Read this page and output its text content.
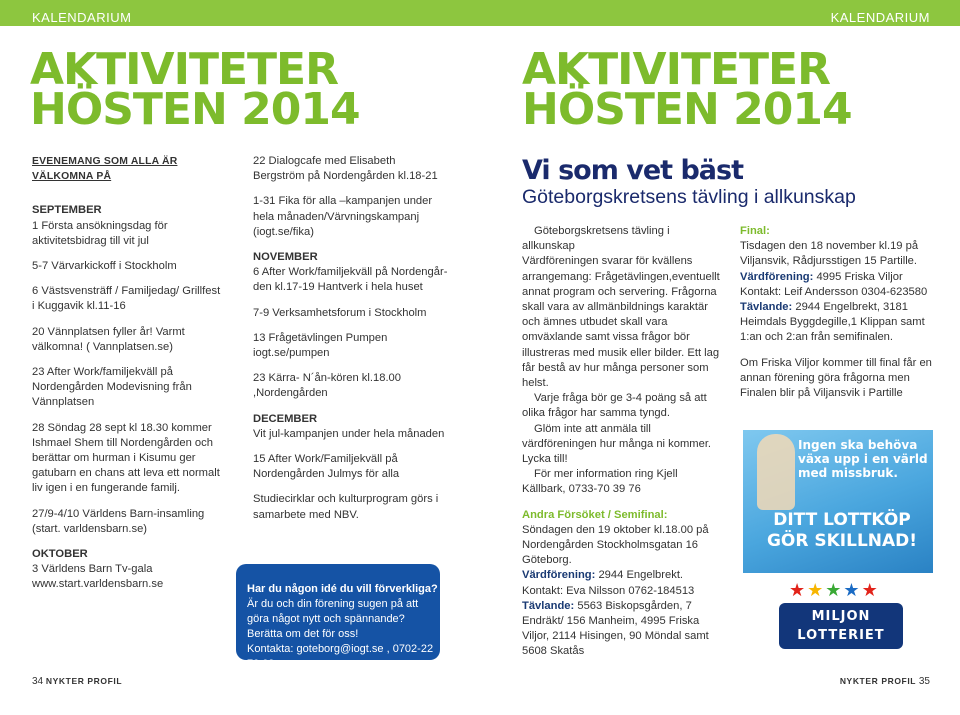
KALENDARIUM
AKTIVITETER
HÖSTEN 2014

EVENEMANG SOM ALLA ÄR VÄLKOMNA PÅ

SEPTEMBER

1 Första ansökningsdag för aktivitetsbidrag till vit jul

5-7 Värvarkickoff i Stockholm

6 Västsvensträff / Familjedag/ Grillfest i Kuggavik kl.11-16

20 Vännplatsen fyller år! Varmt välkomna! ( Vannplatsen.se)

23 After Work/familjekväll på Nordengården Modevisning från Vännplatsen

28 Söndag 28 sept kl 18.30 kommer Ishmael Shem till Nordengården och berättar om hurman i Kisumu ger gatubarn en chans att leva ett normalt liv igen i en fungerande familj.

27/9-4/10 Världens Barn-insamling (start. varldensbarn.se)

OKTOBER

3 Världens Barn Tv-gala www.start.varldensbarn.se

22 Dialogcafe med Elisabeth Bergström på Nordengården kl.18-21

1-31 Fika för alla –kampanjen under hela månaden/Värvningskampanj (iogt.se/fika)

NOVEMBER

6 After Work/familjekväll på Nordengården kl.17-19 Hantverk i hela huset

7-9 Verksamhetsforum i Stockholm

13 Frågetävlingen Pumpen iogt.se/pumpen

23 Kärra- N´ån-kören kl.18.00 ,Nordengården

DECEMBER

Vit jul-kampanjen under hela månaden

15 After Work/Familjekväll på Nordengården Julmys för alla

Studiecirklar och kulturprogram görs i samarbete med NBV.

Har du någon idé du vill förverkliga?
Är du och din förening sugen på att göra något nytt och spännande?
Berätta om det för oss!
Kontakta: goteborg@iogt.se , 0702-22 70 09
34 NYKTER PROFIL
KALENDARIUM
AKTIVITETER
HÖSTEN 2014
Vi som vet bäst
Göteborgskretsens tävling i allkunskap

Göteborgskretsens tävling i allkunskap

Värdföreningen svarar för kvällens arrangemang: Frågetävlingen,eventuellt annat program och servering. Frågorna skall vara av allmänbildnings karaktär och ämnes utbudet skall vara omväxlande samt vissa frågor bör illustreras med musik eller bilder. Ett lag får bestå av hur många personer som helst.

Varje fråga bör ge 3-4 poäng så att olika frågor har samma tyngd.

Glöm inte att anmäla till värdföreningen hur många ni kommer. Lycka till!

För mer information ring Kjell Källbark, 0733-70 39 76

Andra Försöket / Semifinal:

Söndagen den 19 oktober kl.18.00 på Nordengården Stockholmsgatan 16 Göteborg.

Värdförening: 2944 Engelbrekt.

Kontakt: Eva Nilsson 0762-184513

Tävlande: 5563 Biskopsgården, 7 Endräkt/ 156 Manheim, 4995 Friska Viljor, 2114 Hisingen, 90 Möndal samt 5608 Skatås

Final:

Tisdagen den 18 november kl.19 på Viljansvik, Rådjursstigen 15 Partille.

Värdförening: 4995 Friska Viljor

Kontakt: Leif Andersson 0304-623580

Tävlande: 2944 Engelbrekt, 3181 Heimdals Byggdegille,1 Klippan samt 1:an och 2:an från semifinalen.

Om Friska Viljor kommer till final får en annan förening göra frågorna men Finalen blir på Viljansvik i Partille

Ingen ska behöva växa upp i en värld med missbruk.
DITT LOTTKÖP GÖR SKILLNAD!
★★★★★
MILJON
LOTTERIET
NYKTER PROFIL 35
